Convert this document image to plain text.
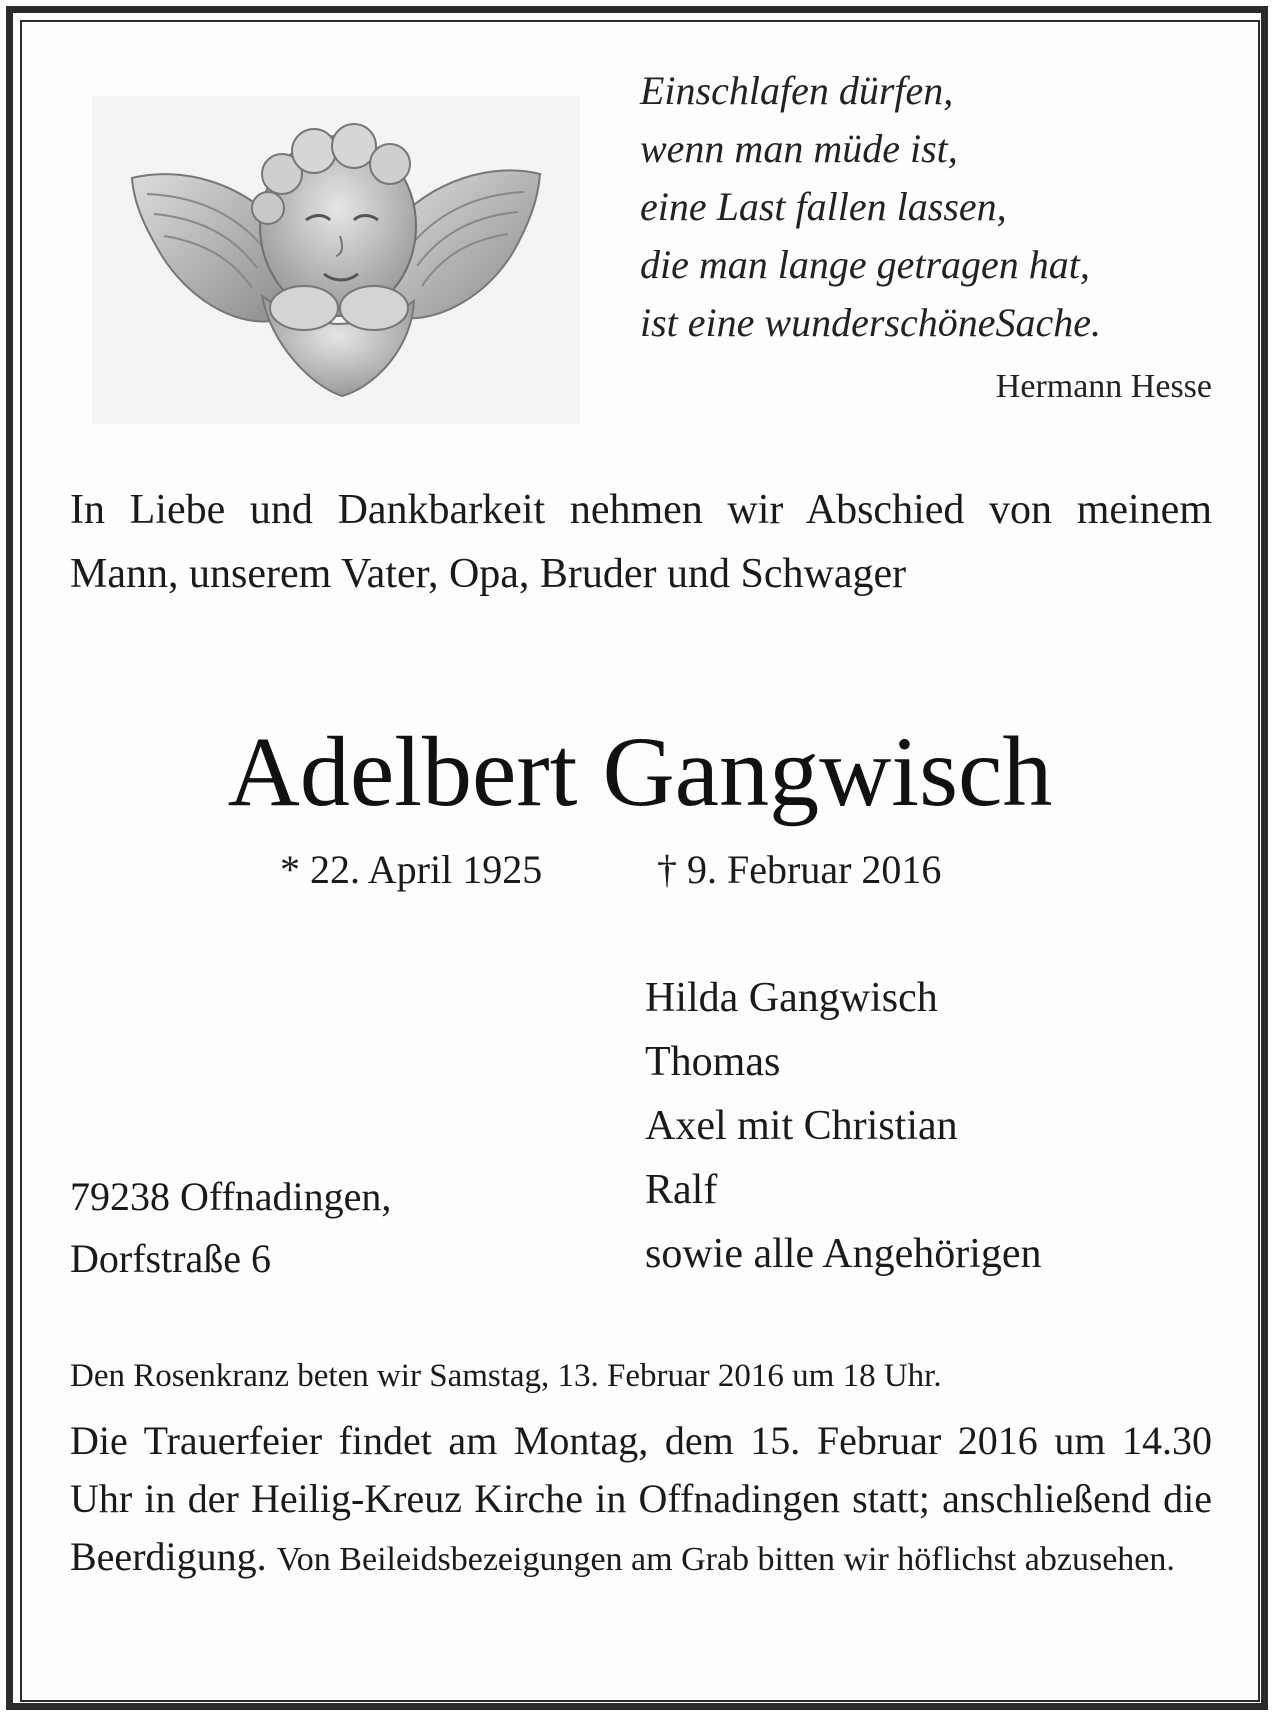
Einschlafen dürfen,
wenn man müde ist,
eine Last fallen lassen,
die man lange getragen hat,
ist eine wunderschöneSache.
Hermann Hesse
In Liebe und Dankbarkeit nehmen wir Abschied von meinem Mann, unserem Vater, Opa, Bruder und Schwager
Adelbert Gangwisch
* 22. April 1925	† 9. Februar 2016
Hilda Gangwisch
Thomas
Axel mit Christian
Ralf
sowie alle Angehörigen
79238 Offnadingen,
Dorfstraße 6
Den Rosenkranz beten wir Samstag, 13. Februar 2016 um 18 Uhr.
Die Trauerfeier findet am Montag, dem 15. Februar 2016 um 14.30 Uhr in der Heilig-Kreuz Kirche in Offnadingen statt; anschließend die Beerdigung. Von Beileidsbezeigungen am Grab bitten wir höflichst abzusehen.
